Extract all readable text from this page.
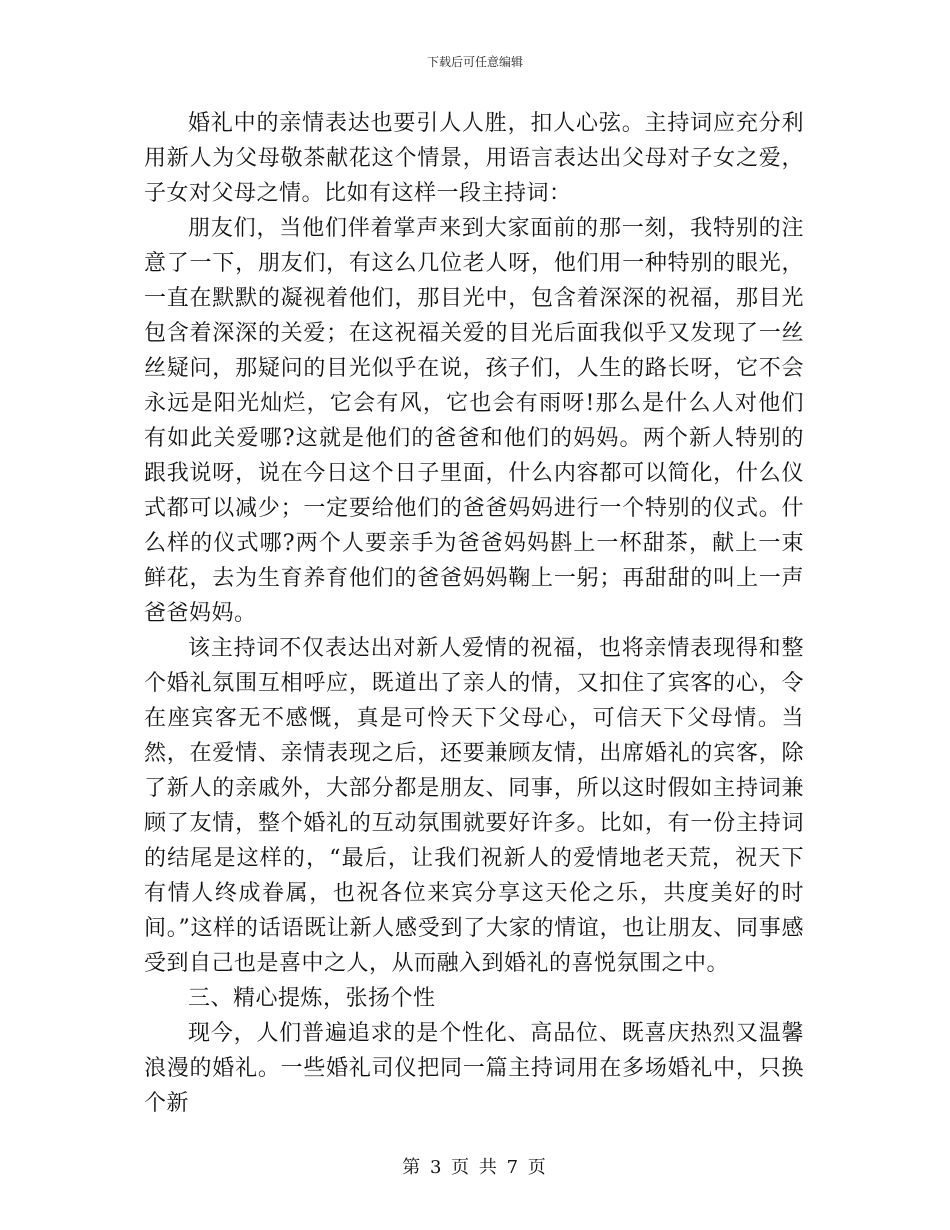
下载后可任意编辑

婚礼中的亲情表达也要引人人胜，扣人心弦。主持词应充分利用新人为父母敬茶献花这个情景，用语言表达出父母对子女之爱，子女对父母之情。比如有这样一段主持词：

朋友们，当他们伴着掌声来到大家面前的那一刻，我特别的注意了一下，朋友们，有这么几位老人呀，他们用一种特别的眼光，一直在默默的凝视着他们，那目光中，包含着深深的祝福，那目光包含着深深的关爱；在这祝福关爱的目光后面我似乎又发现了一丝丝疑问，那疑问的目光似乎在说，孩子们，人生的路长呀，它不会永远是阳光灿烂，它会有风，它也会有雨呀!那么是什么人对他们有如此关爱哪?这就是他们的爸爸和他们的妈妈。两个新人特别的跟我说呀，说在今日这个日子里面，什么内容都可以简化，什么仪式都可以减少；一定要给他们的爸爸妈妈进行一个特别的仪式。什么样的仪式哪?两个人要亲手为爸爸妈妈斟上一杯甜茶，献上一束鲜花，去为生育养育他们的爸爸妈妈鞠上一躬；再甜甜的叫上一声爸爸妈妈。

该主持词不仅表达出对新人爱情的祝福，也将亲情表现得和整个婚礼氛围互相呼应，既道出了亲人的情，又扣住了宾客的心，令在座宾客无不感慨，真是可怜天下父母心，可信天下父母情。当然，在爱情、亲情表现之后，还要兼顾友情，出席婚礼的宾客，除了新人的亲戚外，大部分都是朋友、同事，所以这时假如主持词兼顾了友情，整个婚礼的互动氛围就要好许多。比如，有一份主持词的结尾是这样的，“最后，让我们祝新人的爱情地老天荒，祝天下有情人终成眷属，也祝各位来宾分享这天伦之乐，共度美好的时间。”这样的话语既让新人感受到了大家的情谊，也让朋友、同事感受到自己也是喜中之人，从而融入到婚礼的喜悦氛围之中。

三、精心提炼，张扬个性

现今，人们普遍追求的是个性化、高品位、既喜庆热烈又温馨浪漫的婚礼。一些婚礼司仪把同一篇主持词用在多场婚礼中，只换个新

第 3 页 共 7 页
